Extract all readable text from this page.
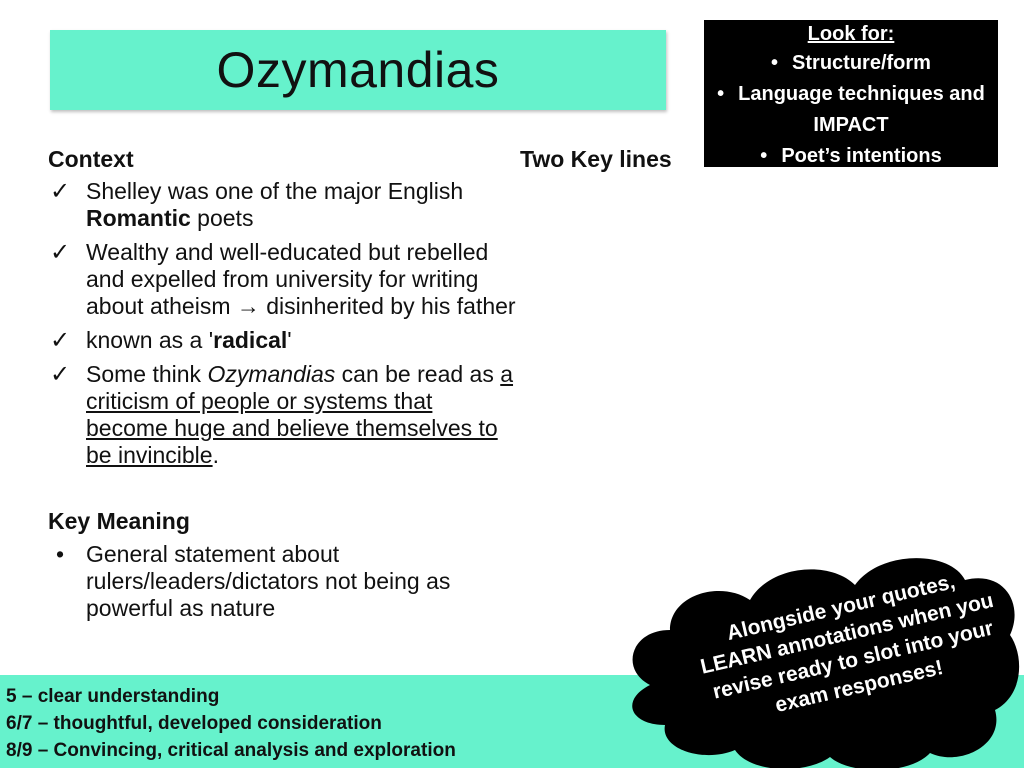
Ozymandias
Look for:
• Structure/form
• Language techniques and IMPACT
• Poet’s intentions
Context	Two Key lines
✓ Shelley was one of the major English Romantic poets
✓ Wealthy and well-educated but rebelled and expelled from university for writing about atheism → disinherited by his father
✓ known as a 'radical'
✓ Some think Ozymandias can be read as a criticism of people or systems that become huge and believe themselves to be invincible.
Key Meaning
• General statement about rulers/leaders/dictators not being as powerful as nature
5 – clear understanding
6/7 – thoughtful, developed consideration
8/9 – Convincing, critical analysis and exploration
Alongside your quotes, LEARN annotations when you revise ready to slot into your exam responses!
